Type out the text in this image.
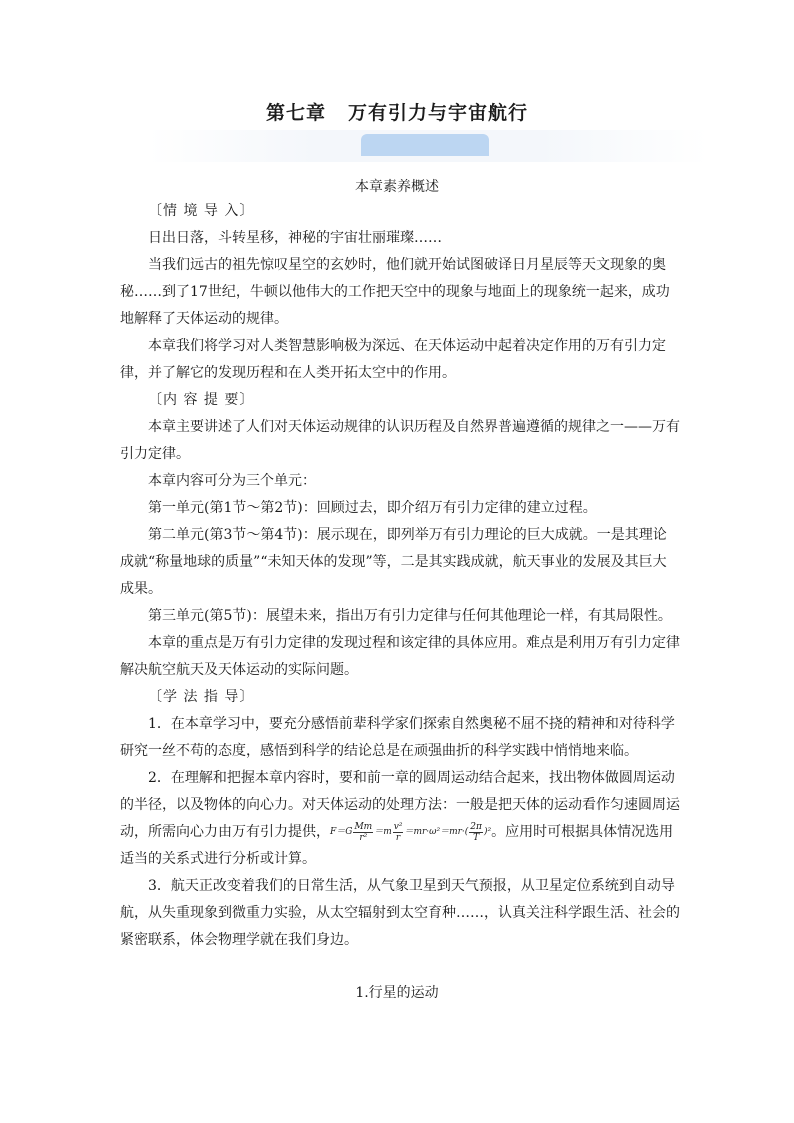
第七章 万有引力与宇宙航行
本章素养概述

〔情 境 导 入〕

日出日落，斗转星移，神秘的宇宙壮丽璀璨……

当我们远古的祖先惊叹星空的玄妙时，他们就开始试图破译日月星辰等天文现象的奥秘……到了17世纪，牛顿以他伟大的工作把天空中的现象与地面上的现象统一起来，成功地解释了天体运动的规律。

本章我们将学习对人类智慧影响极为深远、在天体运动中起着决定作用的万有引力定律，并了解它的发现历程和在人类开拓太空中的作用。

〔内 容 提 要〕

本章主要讲述了人们对天体运动规律的认识历程及自然界普遍遵循的规律之一——万有引力定律。

本章内容可分为三个单元：

第一单元(第1节～第2节)：回顾过去，即介绍万有引力定律的建立过程。

第二单元(第3节～第4节)：展示现在，即列举万有引力理论的巨大成就。一是其理论成就“称量地球的质量”“未知天体的发现”等，二是其实践成就，航天事业的发展及其巨大成果。

第三单元(第5节)：展望未来，指出万有引力定律与任何其他理论一样，有其局限性。

本章的重点是万有引力定律的发现过程和该定律的具体应用。难点是利用万有引力定律解决航空航天及天体运动的实际问题。

〔学 法 指 导〕

1．在本章学习中，要充分感悟前辈科学家们探索自然奥秘不屈不挠的精神和对待科学研究一丝不苟的态度，感悟到科学的结论总是在顽强曲折的科学实践中悄悄地来临。

2．在理解和把握本章内容时，要和前一章的圆周运动结合起来，找出物体做圆周运动的半径，以及物体的向心力。对天体运动的处理方法：一般是把天体的运动看作匀速圆周运动，所需向心力由万有引力提供，$F=G \frac{Mm}{\text{r²}} =m \frac{\text{v²}}{r} =mr\cdot\omega^2=mr\cdot( \frac{2\pi}{T} )^2$。应用时可根据具体情况选用适当的关系式进行分析或计算。

3．航天正改变着我们的日常生活，从气象卫星到天气预报，从卫星定位系统到自动导航，从失重现象到微重力实验，从太空辐射到太空育种……，认真关注科学跟生活、社会的紧密联系，体会物理学就在我们身边。

1.行星的运动
